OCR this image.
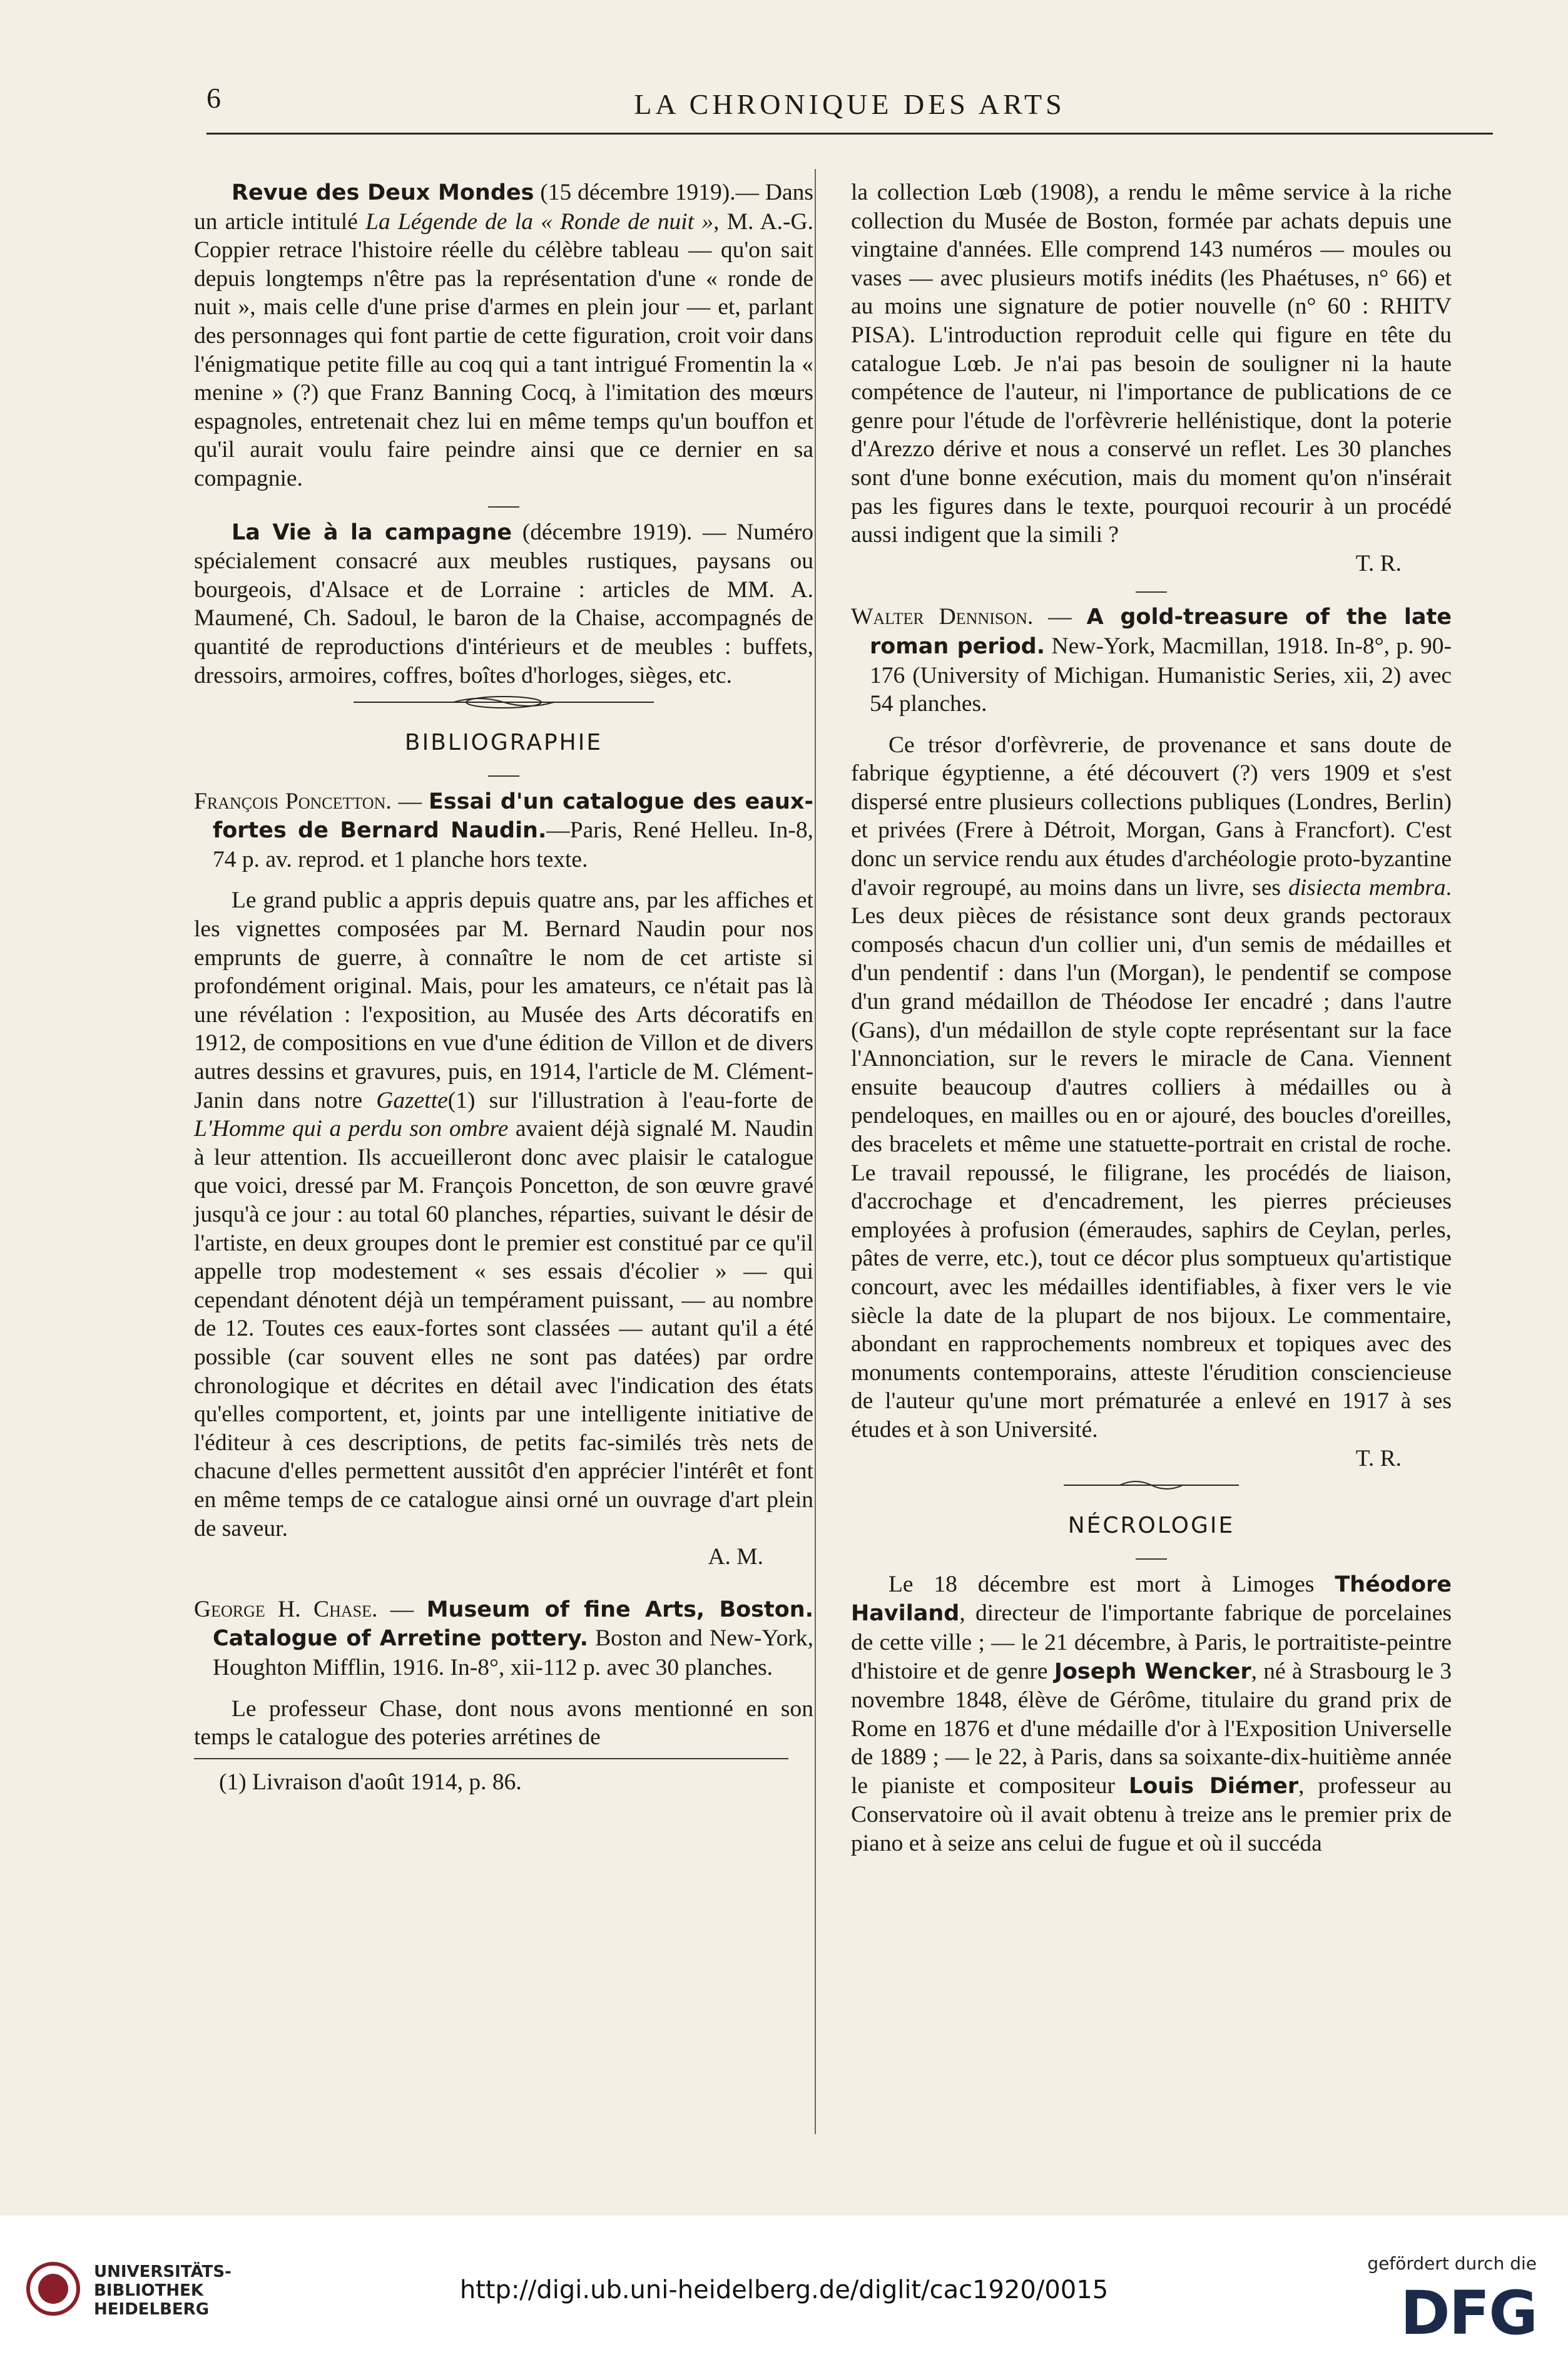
6	LA CHRONIQUE DES ARTS

Revue des Deux Mondes (15 décembre 1919).— Dans un article intitulé La Légende de la « Ronde de nuit », M. A.-G. Coppier retrace l'histoire réelle du célèbre tableau — qu'on sait depuis longtemps n'être pas la représentation d'une « ronde de nuit », mais celle d'une prise d'armes en plein jour — et, parlant des personnages qui font partie de cette figuration, croit voir dans l'énigmatique petite fille au coq qui a tant intrigué Fromentin la « menine » (?) que Franz Banning Cocq, à l'imitation des mœurs espagnoles, entretenait chez lui en même temps qu'un bouffon et qu'il aurait voulu faire peindre ainsi que ce dernier en sa compagnie.

La Vie à la campagne (décembre 1919). — Numéro spécialement consacré aux meubles rustiques, paysans ou bourgeois, d'Alsace et de Lorraine : articles de MM. A. Maumené, Ch. Sadoul, le baron de la Chaise, accompagnés de quantité de reproductions d'intérieurs et de meubles : buffets, dressoirs, armoires, coffres, boîtes d'horloges, sièges, etc.

BIBLIOGRAPHIE

François Poncetton. — Essai d'un catalogue des eaux-fortes de Bernard Naudin.—Paris, René Helleu. In-8, 74 p. av. reprod. et 1 planche hors texte.

Le grand public a appris depuis quatre ans, par les affiches et les vignettes composées par M. Bernard Naudin pour nos emprunts de guerre, à connaître le nom de cet artiste si profondément original. Mais, pour les amateurs, ce n'était pas là une révélation : l'exposition, au Musée des Arts décoratifs en 1912, de compositions en vue d'une édition de Villon et de divers autres dessins et gravures, puis, en 1914, l'article de M. Clément-Janin dans notre Gazette(1) sur l'illustration à l'eau-forte de L'Homme qui a perdu son ombre avaient déjà signalé M. Naudin à leur attention. Ils accueilleront donc avec plaisir le catalogue que voici, dressé par M. François Poncetton, de son œuvre gravé jusqu'à ce jour : au total 60 planches, réparties, suivant le désir de l'artiste, en deux groupes dont le premier est constitué par ce qu'il appelle trop modestement « ses essais d'écolier » — qui cependant dénotent déjà un tempérament puissant, — au nombre de 12. Toutes ces eaux-fortes sont classées — autant qu'il a été possible (car souvent elles ne sont pas datées) par ordre chronologique et décrites en détail avec l'indication des états qu'elles comportent, et, joints par une intelligente initiative de l'éditeur à ces descriptions, de petits fac-similés très nets de chacune d'elles permettent aussitôt d'en apprécier l'intérêt et font en même temps de ce catalogue ainsi orné un ouvrage d'art plein de saveur.

A. M.

George H. Chase. — Museum of fine Arts, Boston. Catalogue of Arretine pottery. Boston and New-York, Houghton Mifflin, 1916. In-8°, xii-112 p. avec 30 planches.

Le professeur Chase, dont nous avons mentionné en son temps le catalogue des poteries arrétines de

(1) Livraison d'août 1914, p. 86.

la collection Lœb (1908), a rendu le même service à la riche collection du Musée de Boston, formée par achats depuis une vingtaine d'années. Elle comprend 143 numéros — moules ou vases — avec plusieurs motifs inédits (les Phaétuses, n° 66) et au moins une signature de potier nouvelle (n° 60 : RHITV PISA). L'introduction reproduit celle qui figure en tête du catalogue Lœb. Je n'ai pas besoin de souligner ni la haute compétence de l'auteur, ni l'importance de publications de ce genre pour l'étude de l'orfèvrerie hellénistique, dont la poterie d'Arezzo dérive et nous a conservé un reflet. Les 30 planches sont d'une bonne exécution, mais du moment qu'on n'insérait pas les figures dans le texte, pourquoi recourir à un procédé aussi indigent que la simili ?

T. R.

Walter Dennison. — A gold-treasure of the late roman period. New-York, Macmillan, 1918. In-8°, p. 90-176 (University of Michigan. Humanistic Series, xii, 2) avec 54 planches.

Ce trésor d'orfèvrerie, de provenance et sans doute de fabrique égyptienne, a été découvert (?) vers 1909 et s'est dispersé entre plusieurs collections publiques (Londres, Berlin) et privées (Frere à Détroit, Morgan, Gans à Francfort). C'est donc un service rendu aux études d'archéologie proto-byzantine d'avoir regroupé, au moins dans un livre, ses disiecta membra. Les deux pièces de résistance sont deux grands pectoraux composés chacun d'un collier uni, d'un semis de médailles et d'un pendentif : dans l'un (Morgan), le pendentif se compose d'un grand médaillon de Théodose Ier encadré ; dans l'autre (Gans), d'un médaillon de style copte représentant sur la face l'Annonciation, sur le revers le miracle de Cana. Viennent ensuite beaucoup d'autres colliers à médailles ou à pendeloques, en mailles ou en or ajouré, des boucles d'oreilles, des bracelets et même une statuette-portrait en cristal de roche. Le travail repoussé, le filigrane, les procédés de liaison, d'accrochage et d'encadrement, les pierres précieuses employées à profusion (émeraudes, saphirs de Ceylan, perles, pâtes de verre, etc.), tout ce décor plus somptueux qu'artistique concourt, avec les médailles identifiables, à fixer vers le vie siècle la date de la plupart de nos bijoux. Le commentaire, abondant en rapprochements nombreux et topiques avec des monuments contemporains, atteste l'érudition consciencieuse de l'auteur qu'une mort prématurée a enlevé en 1917 à ses études et à son Université.

T. R.

NÉCROLOGIE

Le 18 décembre est mort à Limoges Théodore Haviland, directeur de l'importante fabrique de porcelaines de cette ville ; — le 21 décembre, à Paris, le portraitiste-peintre d'histoire et de genre Joseph Wencker, né à Strasbourg le 3 novembre 1848, élève de Gérôme, titulaire du grand prix de Rome en 1876 et d'une médaille d'or à l'Exposition Universelle de 1889 ; — le 22, à Paris, dans sa soixante-dix-huitième année le pianiste et compositeur Louis Diémer, professeur au Conservatoire où il avait obtenu à treize ans le premier prix de piano et à seize ans celui de fugue et où il succéda

UNIVERSITÄTS-
BIBLIOTHEK
HEIDELBERG
http://digi.ub.uni-heidelberg.de/diglit/cac1920/0015
gefördert durch die
DFG
